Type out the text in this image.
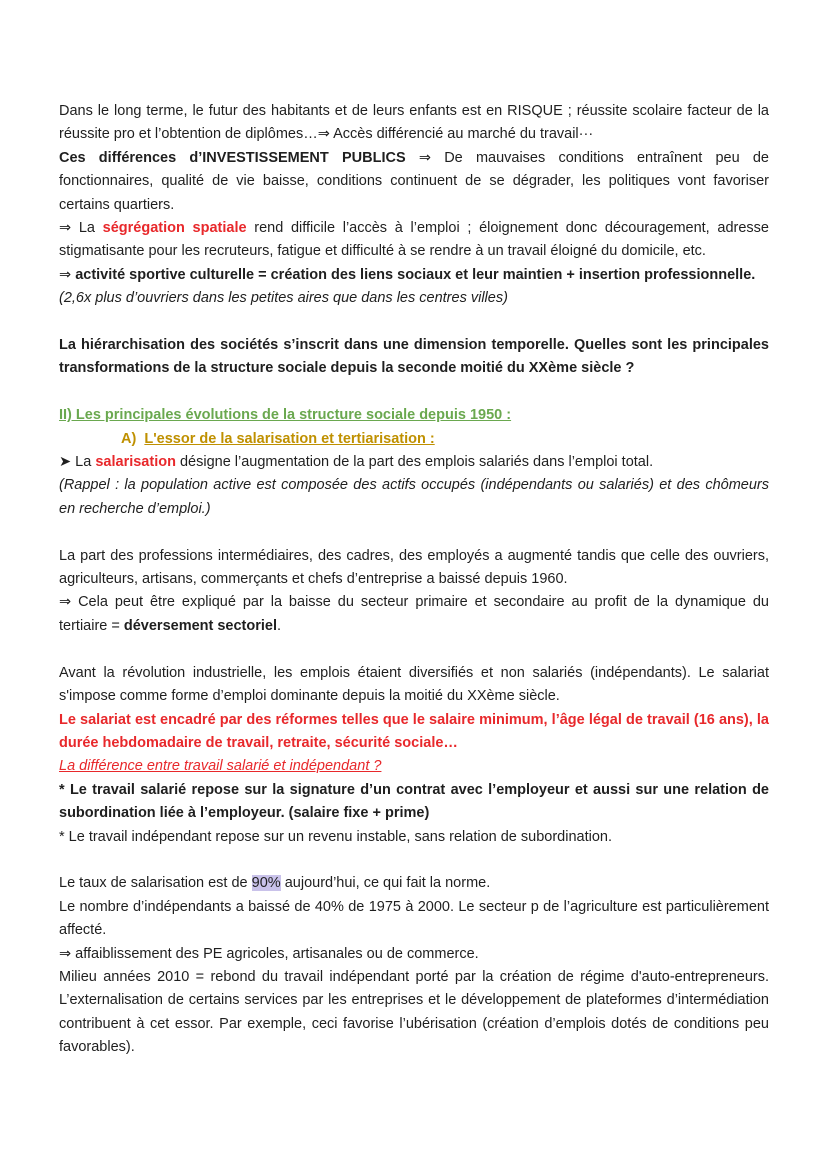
Dans le long terme, le futur des habitants et de leurs enfants est en RISQUE ; réussite scolaire facteur de la réussite pro et l’obtention de diplômes…⇒ Accès différencié au marché du travail···

Ces différences d’INVESTISSEMENT PUBLICS ⇒ De mauvaises conditions entraînent peu de fonctionnaires, qualité de vie baisse, conditions continuent de se dégrader, les politiques vont favoriser certains quartiers.

⇒ La ségrégation spatiale rend difficile l’accès à l’emploi ; éloignement donc découragement, adresse stigmatisante pour les recruteurs, fatigue et difficulté à se rendre à un travail éloigné du domicile, etc.

⇒ activité sportive culturelle = création des liens sociaux et leur maintien + insertion professionnelle.

(2,6x plus d’ouvriers dans les petites aires que dans les centres villes)

La hiérarchisation des sociétés s’inscrit dans une dimension temporelle. Quelles sont les principales transformations de la structure sociale depuis la seconde moitié du XXème siècle ?

II) Les principales évolutions de la structure sociale depuis 1950 :

A) L'essor de la salarisation et tertiarisation :

➤ La salarisation désigne l’augmentation de la part des emplois salariés dans l’emploi total.

(Rappel : la population active est composée des actifs occupés (indépendants ou salariés) et des chômeurs en recherche d’emploi.)

La part des professions intermédiaires, des cadres, des employés a augmenté tandis que celle des ouvriers, agriculteurs, artisans, commerçants et chefs d’entreprise a baissé depuis 1960.

⇒ Cela peut être expliqué par la baisse du secteur primaire et secondaire au profit de la dynamique du tertiaire = déversement sectoriel.

Avant la révolution industrielle, les emplois étaient diversifiés et non salariés (indépendants). Le salariat s'impose comme forme d’emploi dominante depuis la moitié du XXème siècle.

Le salariat est encadré par des réformes telles que le salaire minimum, l’âge légal de travail (16 ans), la durée hebdomadaire de travail, retraite, sécurité sociale…

La différence entre travail salarié et indépendant ?

* Le travail salarié repose sur la signature d’un contrat avec l’employeur et aussi sur une relation de subordination liée à l’employeur. (salaire fixe + prime)

* Le travail indépendant repose sur un revenu instable, sans relation de subordination.

Le taux de salarisation est de 90% aujourd’hui, ce qui fait la norme.

Le nombre d’indépendants a baissé de 40% de 1975 à 2000. Le secteur p de l’agriculture est particulièrement affecté.

⇒ affaiblissement des PE agricoles, artisanales ou de commerce.

Milieu années 2010 = rebond du travail indépendant porté par la création de régime d'auto-entrepreneurs. L’externalisation de certains services par les entreprises et le développement de plateformes d’intermédiation contribuent à cet essor. Par exemple, ceci favorise l’ubérisation (création d’emplois dotés de conditions peu favorables).
